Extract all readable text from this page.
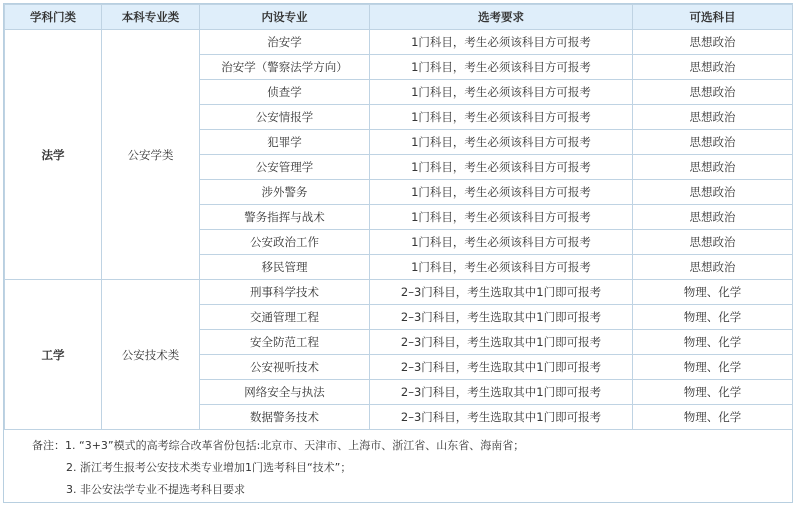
学科门类	本科专业类	内设专业	选考要求	可选科目
法学	公安学类	治安学	1门科目，考生必须该科目方可报考	思想政治
		治安学（警察法学方向）	1门科目，考生必须该科目方可报考	思想政治
		侦查学	1门科目，考生必须该科目方可报考	思想政治
		公安情报学	1门科目，考生必须该科目方可报考	思想政治
		犯罪学	1门科目，考生必须该科目方可报考	思想政治
		公安管理学	1门科目，考生必须该科目方可报考	思想政治
		涉外警务	1门科目，考生必须该科目方可报考	思想政治
		警务指挥与战术	1门科目，考生必须该科目方可报考	思想政治
		公安政治工作	1门科目，考生必须该科目方可报考	思想政治
		移民管理	1门科目，考生必须该科目方可报考	思想政治
工学	公安技术类	刑事科学技术	2–3门科目，考生选取其中1门即可报考	物理、化学
		交通管理工程	2–3门科目，考生选取其中1门即可报考	物理、化学
		安全防范工程	2–3门科目，考生选取其中1门即可报考	物理、化学
		公安视听技术	2–3门科目，考生选取其中1门即可报考	物理、化学
		网络安全与执法	2–3门科目，考生选取其中1门即可报考	物理、化学
		数据警务技术	2–3门科目，考生选取其中1门即可报考	物理、化学
备注：1. “3+3”模式的高考综合改革省份包括:北京市、天津市、上海市、浙江省、山东省、海南省；
2. 浙江考生报考公安技术类专业增加1门选考科目“技术”；
3. 非公安法学专业不提选考科目要求
